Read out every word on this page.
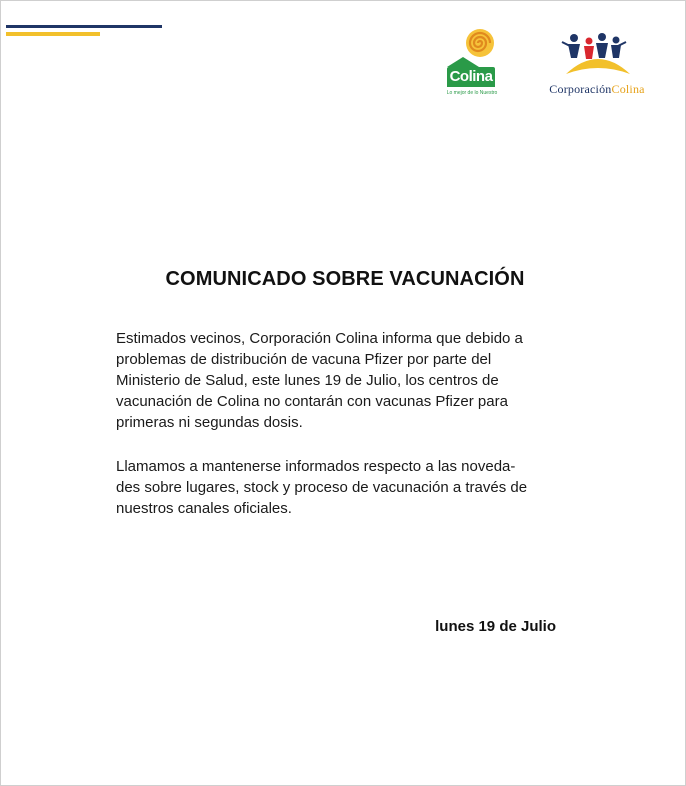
Colina
Lo mejor de lo Nuestro	CorporaciónColina
COMUNICADO SOBRE VACUNACIÓN
Estimados vecinos, Corporación Colina informa que debido a
problemas de distribución de vacuna Pfizer por parte del
Ministerio de Salud, este lunes 19 de Julio, los centros de
vacunación de Colina no contarán con vacunas Pfizer para
primeras ni segundas dosis.
Llamamos a mantenerse informados respecto a las noveda-
des sobre lugares, stock y proceso de vacunación a través de
nuestros canales oficiales.
lunes 19 de Julio
